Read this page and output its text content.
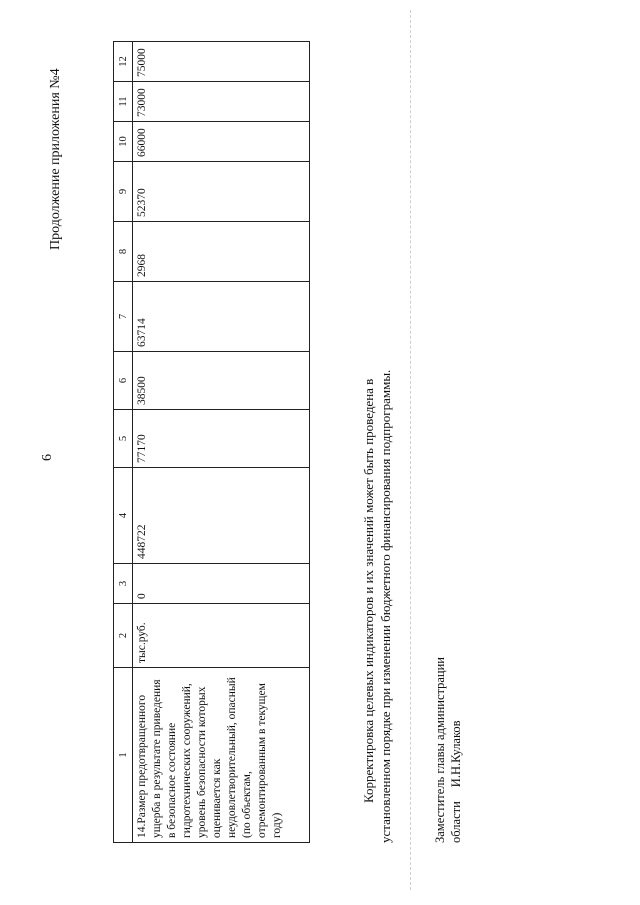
6
Продолжение приложения №4
1	2	3	4	5	6	7	8	9	10	11	12
14.Размер предотвращенного ущерба в результате приведения в безопасное состояние гидротехнических сооружений, уровень безопасности которых оценивается как неудовлетворительный, опасный (по объектам, отремонтированным в текущем году)	тыс.руб.	0	448722	77170	38500	63714	2968	52370	66000	73000	75000
Корректировка целевых индикаторов и их значений может быть проведена в установленном порядке при изменении бюджетного финансирования подпрограммы.	Заместитель главы администрации областиИ.Н.Кулаков
